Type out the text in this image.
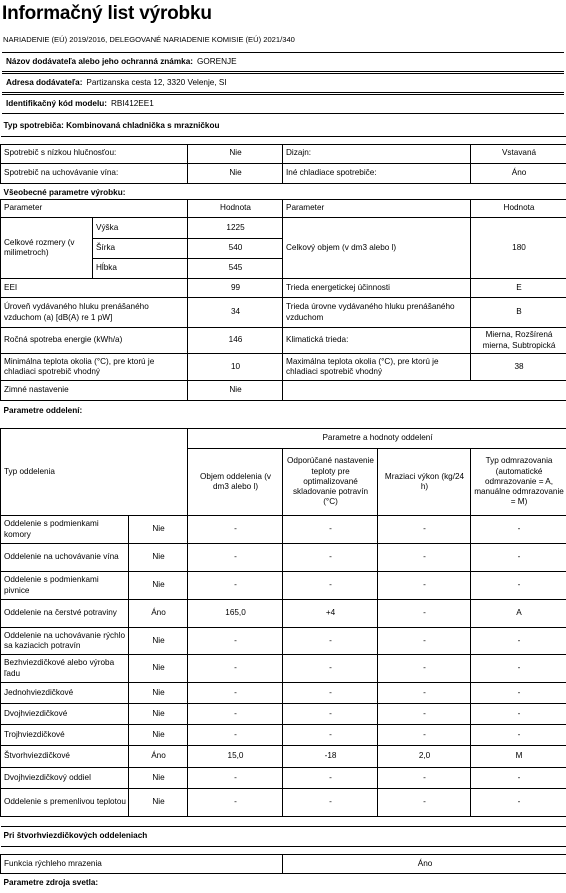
Informačný list výrobku
NARIADENIE (EÚ) 2019/2016, DELEGOVANÉ NARIADENIE KOMISIE (EÚ) 2021/340
Názov dodávateľa alebo jeho ochranná známka: GORENJE
Adresa dodávateľa: Partizanska cesta 12, 3320 Velenje, SI
Identifikačný kód modelu: RBI412EE1
Typ spotrebiča: Kombinovaná chladnička s mrazničkou			

Spotrebič s nízkou hlučnosťou:	Nie	Dizajn:	Vstavaná
Spotrebič na uchovávanie vína:	Nie	Iné chladiace spotrebiče:	Áno
Všeobecné parametre výrobku:			
Parameter		Hodnota	Parameter	Hodnota
Celkové rozmery (v milimetroch)	Výška	1225	Celkový objem (v dm3 alebo l)	180
	Šírka	540		
	Hĺbka	545		
EEI		99	Trieda energetickej účinnosti	E
Úroveň vydávaného hluku prenášaného vzduchom (a) [dB(A) re 1 pW]		34	Trieda úrovne vydávaného hluku prenášaného vzduchom	B
Ročná spotreba energie (kWh/a)		146	Klimatická trieda:	Mierna, Rozšírená mierna, Subtropická
Minimálna teplota okolia (°C), pre ktorú je chladiaci spotrebič vhodný		10	Maximálna teplota okolia (°C), pre ktorú je chladiaci spotrebič vhodný	38
Zimné nastavenie		Nie		
Parametre oddelení:				
Typ oddelenia		Parametre a hodnoty oddelení			
		Objem oddelenia (v dm3 alebo l)	Odporúčané nastavenie teploty pre optimalizované skladovanie potravín (°C)	Mraziaci výkon (kg/24 h)	Typ odmrazovania (automatické odmrazovanie = A, manuálne odmrazovanie = M)
Oddelenie s podmienkami komory	Nie	-	-	-	-
Oddelenie na uchovávanie vína	Nie	-	-	-	-
Oddelenie s podmienkami pivnice	Nie	-	-	-	-
Oddelenie na čerstvé potraviny	Áno	165,0	+4	-	A
Oddelenie na uchovávanie rýchlo sa kaziacich potravín	Nie	-	-	-	-
Bezhviezdičkové alebo výroba ľadu	Nie	-	-	-	-
Jednohviezdičkové	Nie	-	-	-	-
Dvojhviezdičkové	Nie	-	-	-	-
Trojhviezdičkové	Nie	-	-	-	-
Štvorhviezdičkové	Áno	15,0	-18	2,0	M
Dvojhviezdičkový oddiel	Nie	-	-	-	-
Oddelenie s premenlivou teplotou	Nie	-	-	-	-

Pri štvorhviezdičkových oddeleniach					

Funkcia rýchleho mrazenia			Áno		
Parametre zdroja svetla:					
